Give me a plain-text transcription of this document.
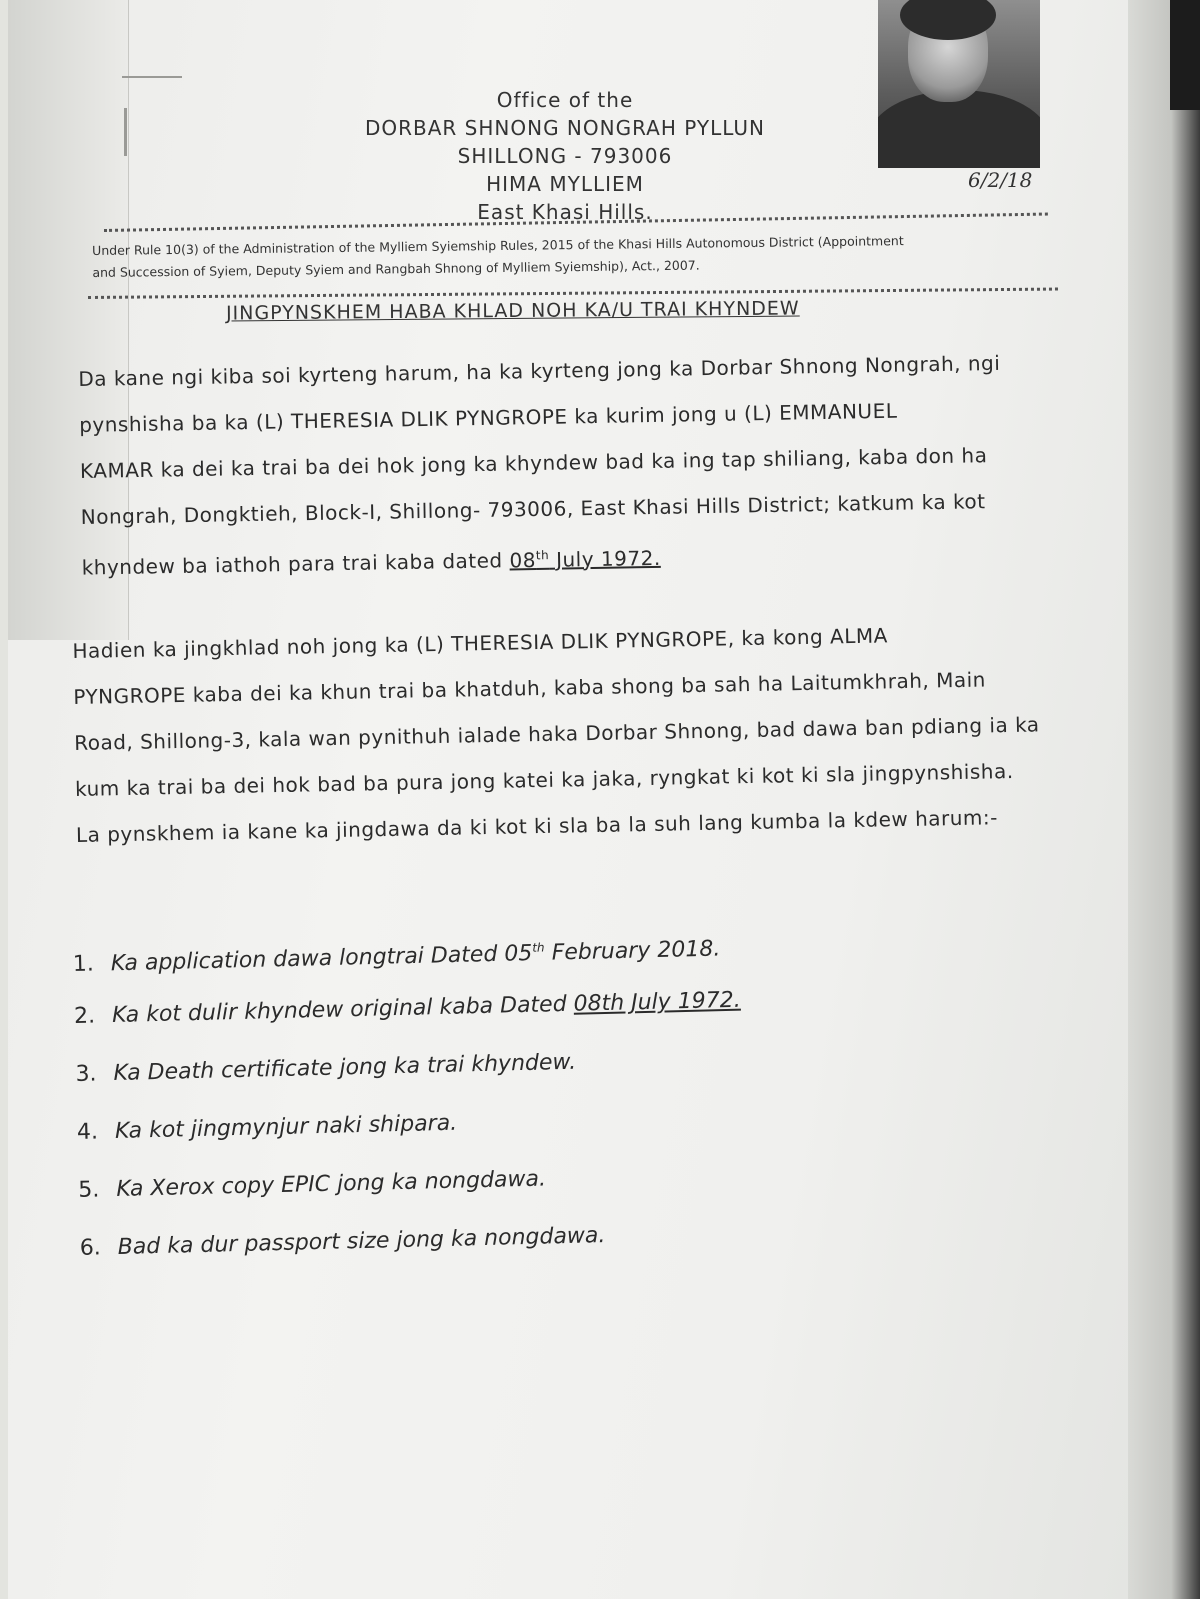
Office of the
DORBAR SHNONG NONGRAH PYLLUN
SHILLONG - 793006
HIMA MYLLIEM
East Khasi Hills.
6/2/18
Under Rule 10(3) of the Administration of the Mylliem Syiemship Rules, 2015 of the Khasi Hills Autonomous District (Appointment
and Succession of Syiem, Deputy Syiem and Rangbah Shnong of Mylliem Syiemship), Act., 2007.
JINGPYNSKHEM HABA KHLAD NOH KA/U TRAI KHYNDEW

Da kane ngi kiba soi kyrteng harum, ha ka kyrteng jong ka Dorbar Shnong Nongrah, ngi

pynshisha ba ka (L) THERESIA DLIK PYNGROPE ka kurim jong u (L) EMMANUEL

KAMAR ka dei ka trai ba dei hok jong ka khyndew bad ka ing tap shiliang, kaba don ha

Nongrah, Dongktieh, Block-I, Shillong- 793006, East Khasi Hills District; katkum ka kot

khyndew ba iathoh para trai kaba dated 08th July 1972.

Hadien ka jingkhlad noh jong ka (L) THERESIA DLIK PYNGROPE, ka kong ALMA

PYNGROPE kaba dei ka khun trai ba khatduh, kaba shong ba sah ha Laitumkhrah, Main

Road, Shillong-3, kala wan pynithuh ialade haka Dorbar Shnong, bad dawa ban pdiang ia ka

kum ka trai ba dei hok bad ba pura jong katei ka jaka, ryngkat ki kot ki sla jingpynshisha.

La pynskhem ia kane ka jingdawa da ki kot ki sla ba la suh lang kumba la kdew harum:-

1. Ka application dawa longtrai Dated 05th February 2018.
2. Ka kot dulir khyndew original kaba Dated 08th July 1972.
3. Ka Death certificate jong ka trai khyndew.
4. Ka kot jingmynjur naki shipara.
5. Ka Xerox copy EPIC jong ka nongdawa.
6. Bad ka dur passport size jong ka nongdawa.
